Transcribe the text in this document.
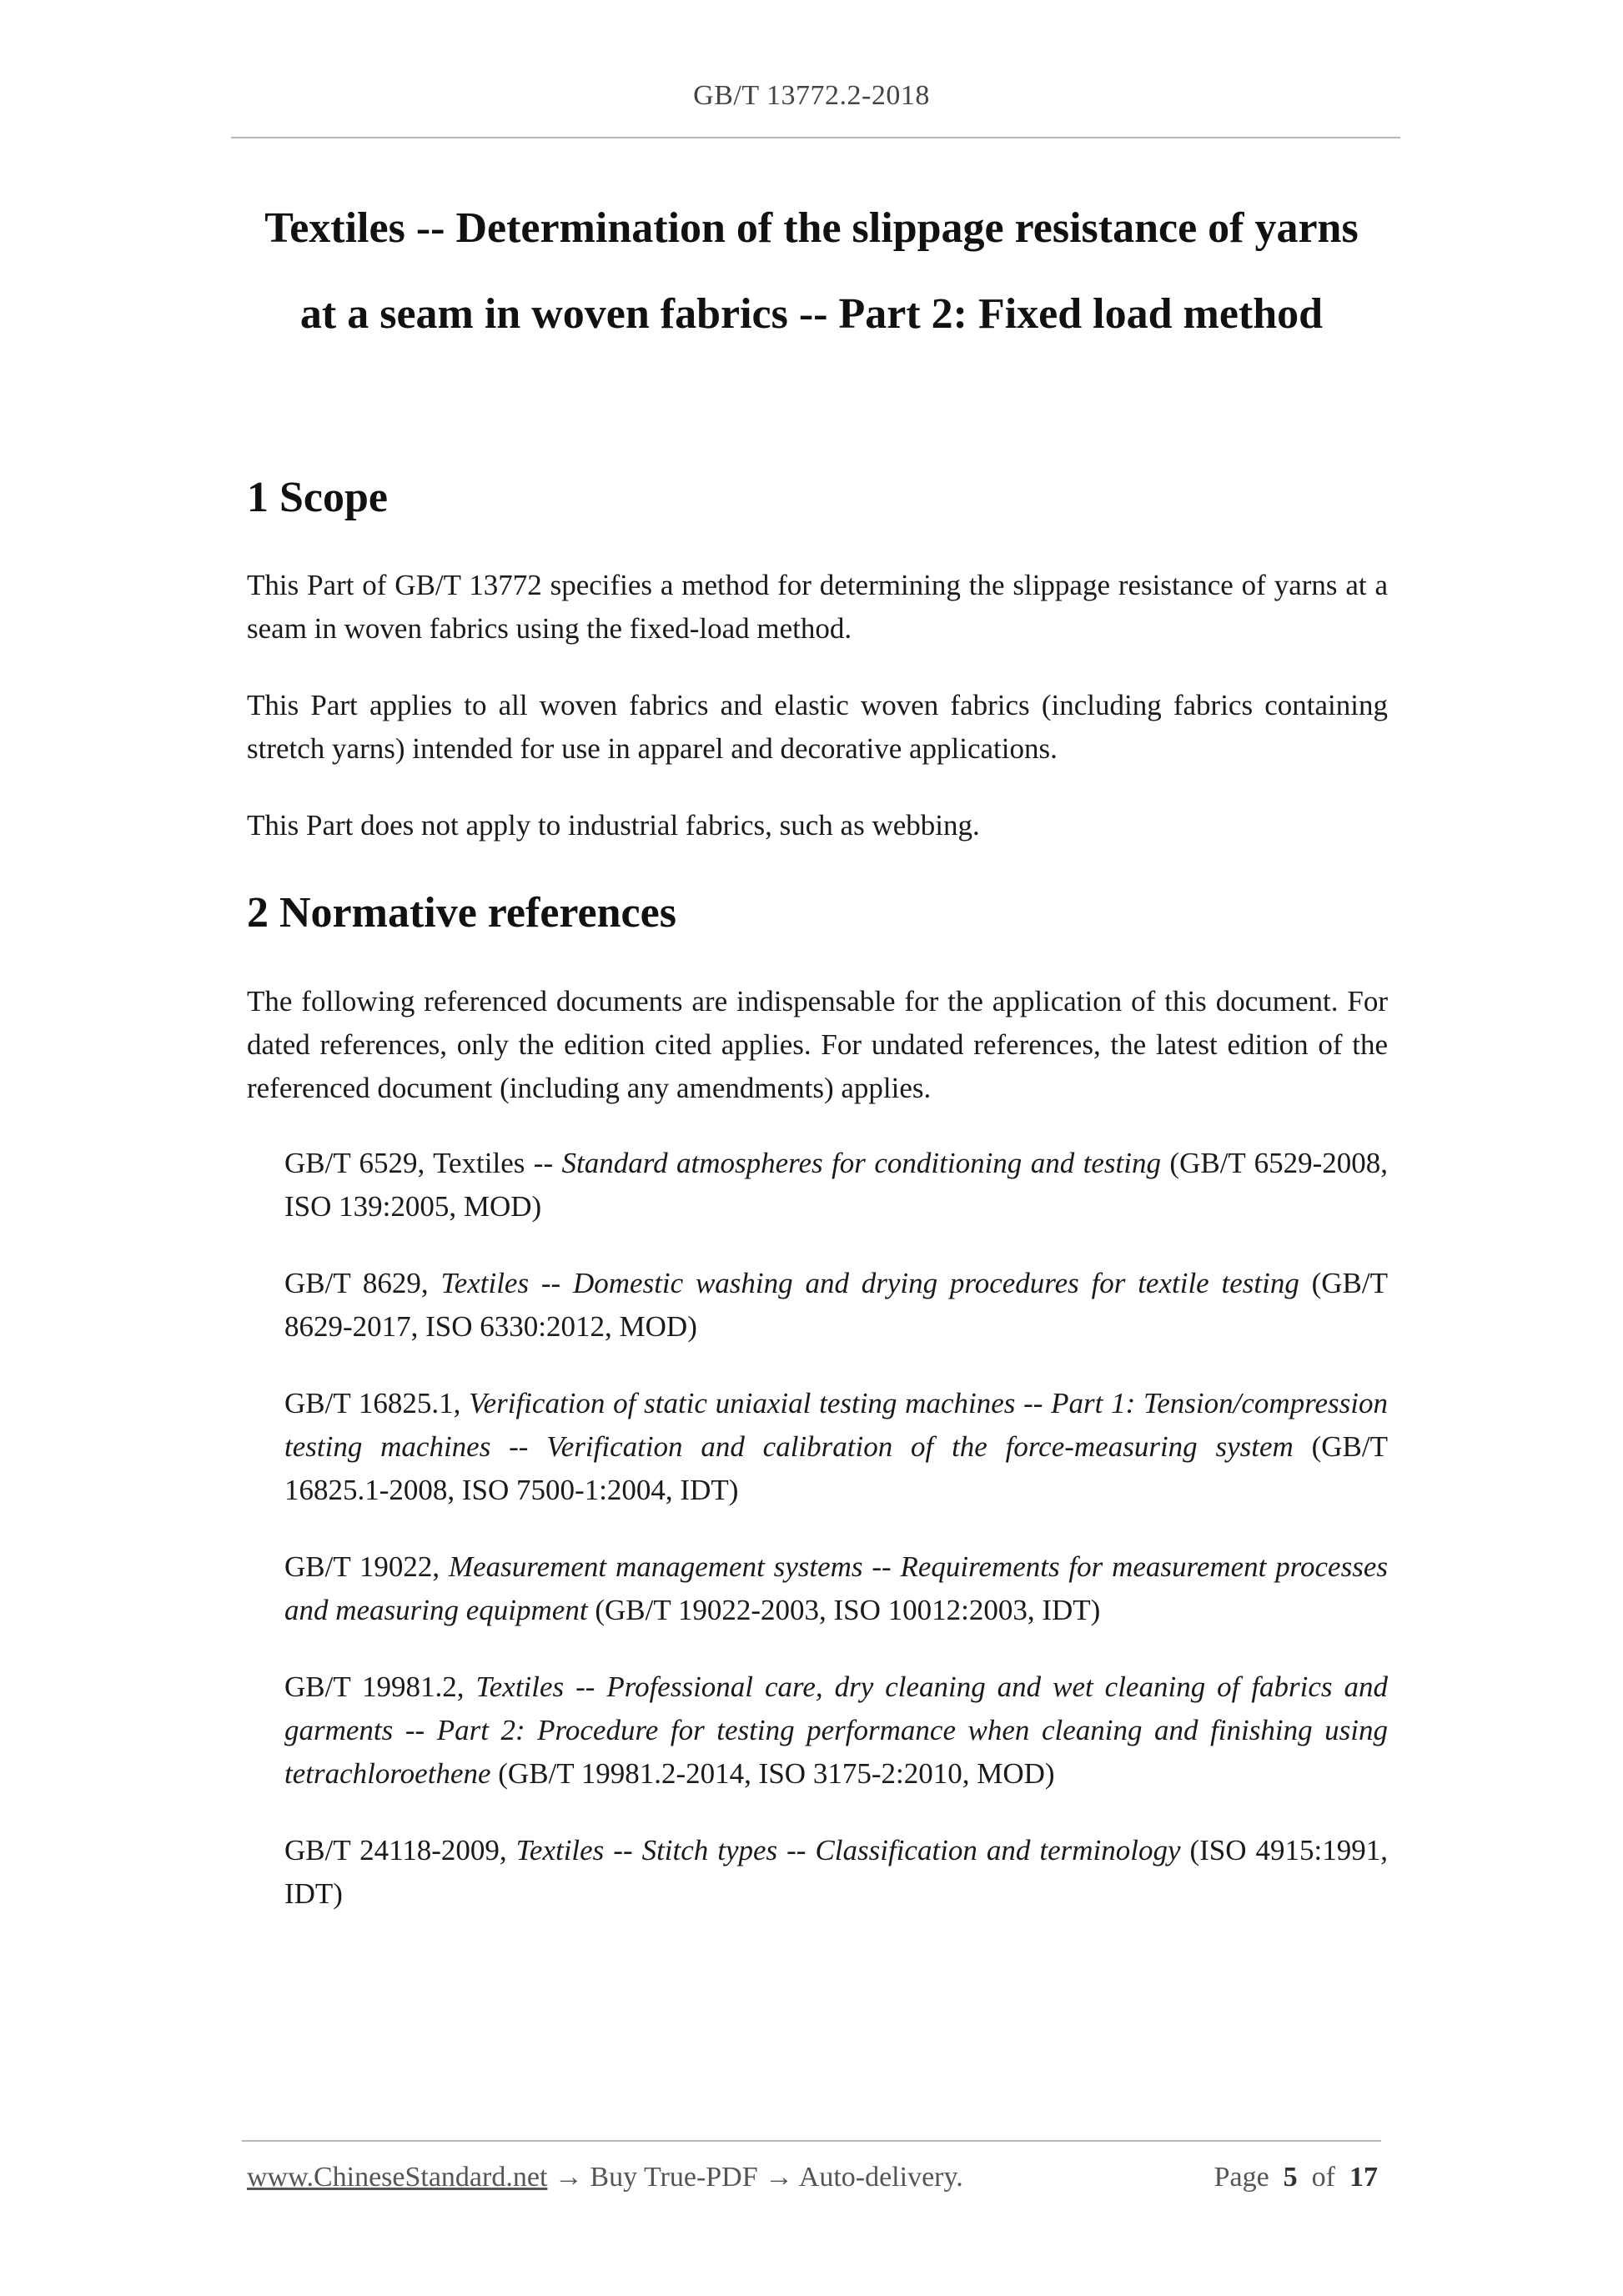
GB/T 13772.2-2018
Textiles -- Determination of the slippage resistance of yarns
at a seam in woven fabrics -- Part 2: Fixed load method
1 Scope

This Part of GB/T 13772 specifies a method for determining the slippage resistance of yarns at a seam in woven fabrics using the fixed-load method.

This Part applies to all woven fabrics and elastic woven fabrics (including fabrics containing stretch yarns) intended for use in apparel and decorative applications.

This Part does not apply to industrial fabrics, such as webbing.

2 Normative references

The following referenced documents are indispensable for the application of this document. For dated references, only the edition cited applies. For undated references, the latest edition of the referenced document (including any amendments) applies.

GB/T 6529, Textiles -- Standard atmospheres for conditioning and testing (GB/T 6529-2008, ISO 139:2005, MOD)

GB/T 8629, Textiles -- Domestic washing and drying procedures for textile testing (GB/T 8629-2017, ISO 6330:2012, MOD)

GB/T 16825.1, Verification of static uniaxial testing machines -- Part 1: Tension/compression testing machines -- Verification and calibration of the force-measuring system (GB/T 16825.1-2008, ISO 7500-1:2004, IDT)

GB/T 19022, Measurement management systems -- Requirements for measurement processes and measuring equipment (GB/T 19022-2003, ISO 10012:2003, IDT)

GB/T 19981.2, Textiles -- Professional care, dry cleaning and wet cleaning of fabrics and garments -- Part 2: Procedure for testing performance when cleaning and finishing using tetrachloroethene (GB/T 19981.2-2014, ISO 3175-2:2010, MOD)

GB/T 24118-2009, Textiles -- Stitch types -- Classification and terminology (ISO 4915:1991, IDT)

www.ChineseStandard.net → Buy True-PDF → Auto-delivery.	Page 5 of 17
